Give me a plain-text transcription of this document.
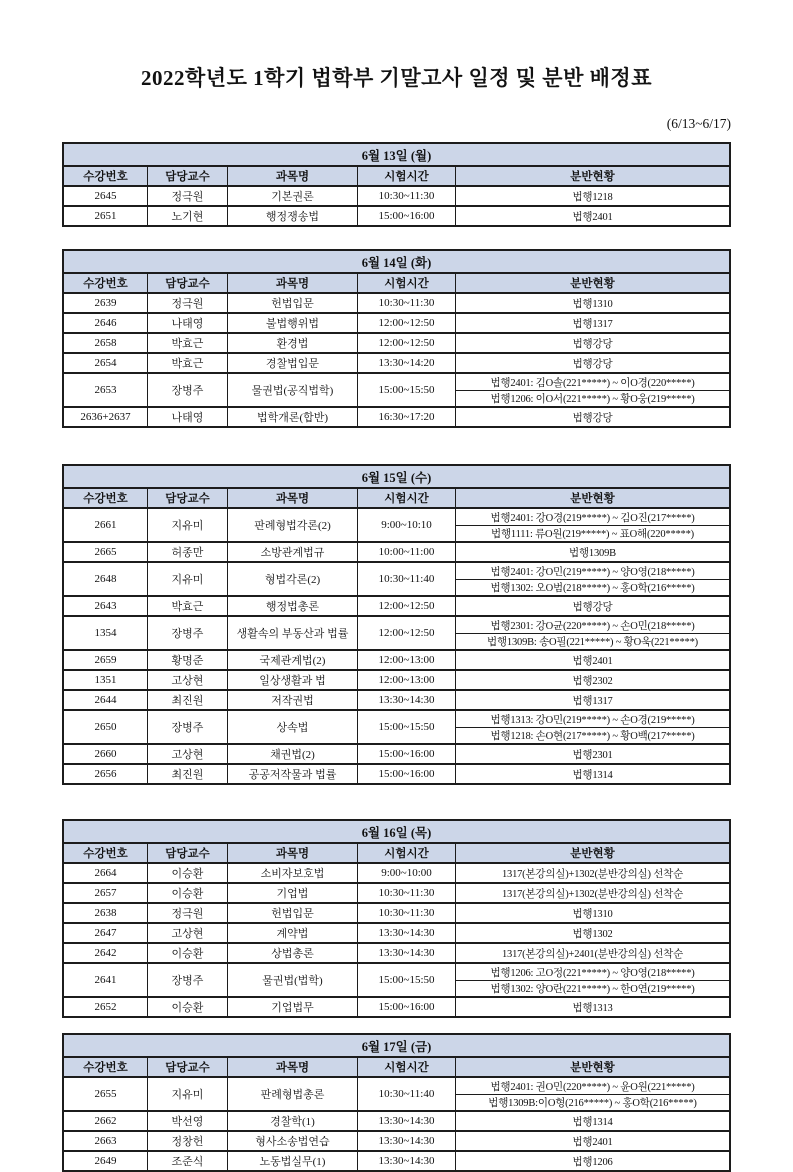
2022학년도 1학기 법학부 기말고사 일정 및 분반 배정표
(6/13~6/17)
6월 13일 (월)
수강번호	담당교수	과목명	시험시간	분반현황
2645	정극원	기본권론	10:30~11:30	법행1218
2651	노기현	행정쟁송법	15:00~16:00	법행2401
6월 14일 (화)
수강번호	담당교수	과목명	시험시간	분반현황
2639	정극원	헌법입문	10:30~11:30	법행1310
2646	나태영	불법행위법	12:00~12:50	법행1317
2658	박효근	환경법	12:00~12:50	법행강당
2654	박효근	경찰법입문	13:30~14:20	법행강당
2653	장병주	물권법(공직법학)	15:00~15:50
법행2401: 김O솔(221*****) ~ 이O경(220*****)
법행1206: 이O서(221*****) ~ 황O웅(219*****)
2636+2637	나태영	법학개론(합반)	16:30~17:20	법행강당
6월 15일 (수)
수강번호	담당교수	과목명	시험시간	분반현황
2661	지유미	판례형법각론(2)	9:00~10:10
법행2401: 강O경(219*****) ~ 김O진(217*****)
법행1111: 류O원(219*****) ~ 표O해(220*****)
2665	허종만	소방관계법규	10:00~11:00	법행1309B
2648	지유미	형법각론(2)	10:30~11:40
법행2401: 강O민(219*****) ~ 양O영(218*****)
법행1302: 오O범(218*****) ~ 홍O학(216*****)
2643	박효근	행정법총론	12:00~12:50	법행강당
1354	장병주	생활속의 부동산과 법률	12:00~12:50
법행2301: 강O균(220*****) ~ 손O민(218*****)
법행1309B: 송O필(221*****) ~ 황O욱(221*****)
2659	황명준	국제관계법(2)	12:00~13:00	법행2401
1351	고상현	일상생활과 법	12:00~13:00	법행2302
2644	최진원	저작권법	13:30~14:30	법행1317
2650	장병주	상속법	15:00~15:50
법행1313: 강O민(219*****) ~ 손O경(219*****)
법행1218: 손O현(217*****) ~ 황O백(217*****)
2660	고상현	채권법(2)	15:00~16:00	법행2301
2656	최진원	공공저작물과 법률	15:00~16:00	법행1314
6월 16일 (목)
수강번호	담당교수	과목명	시험시간	분반현황
2664	이승환	소비자보호법	9:00~10:00	1317(본강의실)+1302(분반강의실) 선착순
2657	이승환	기업법	10:30~11:30	1317(본강의실)+1302(분반강의실) 선착순
2638	정극원	헌법입문	10:30~11:30	법행1310
2647	고상현	계약법	13:30~14:30	법행1302
2642	이승환	상법총론	13:30~14:30	1317(본강의실)+2401(분반강의실) 선착순
2641	장병주	물권법(법학)	15:00~15:50
법행1206: 고O정(221*****) ~ 양O영(218*****)
법행1302: 양O란(221*****) ~ 한O연(219*****)
2652	이승환	기업법무	15:00~16:00	법행1313
6월 17일 (금)
수강번호	담당교수	과목명	시험시간	분반현황
2655	지유미	판례형법총론	10:30~11:40
법행2401: 권O민(220*****) ~ 윤O원(221*****)
법행1309B:이O형(216*****) ~ 홍O학(216*****)
2662	박선영	경찰학(1)	13:30~14:30	법행1314
2663	정창헌	형사소송법연습	13:30~14:30	법행2401
2649	조준식	노동법실무(1)	13:30~14:30	법행1206
